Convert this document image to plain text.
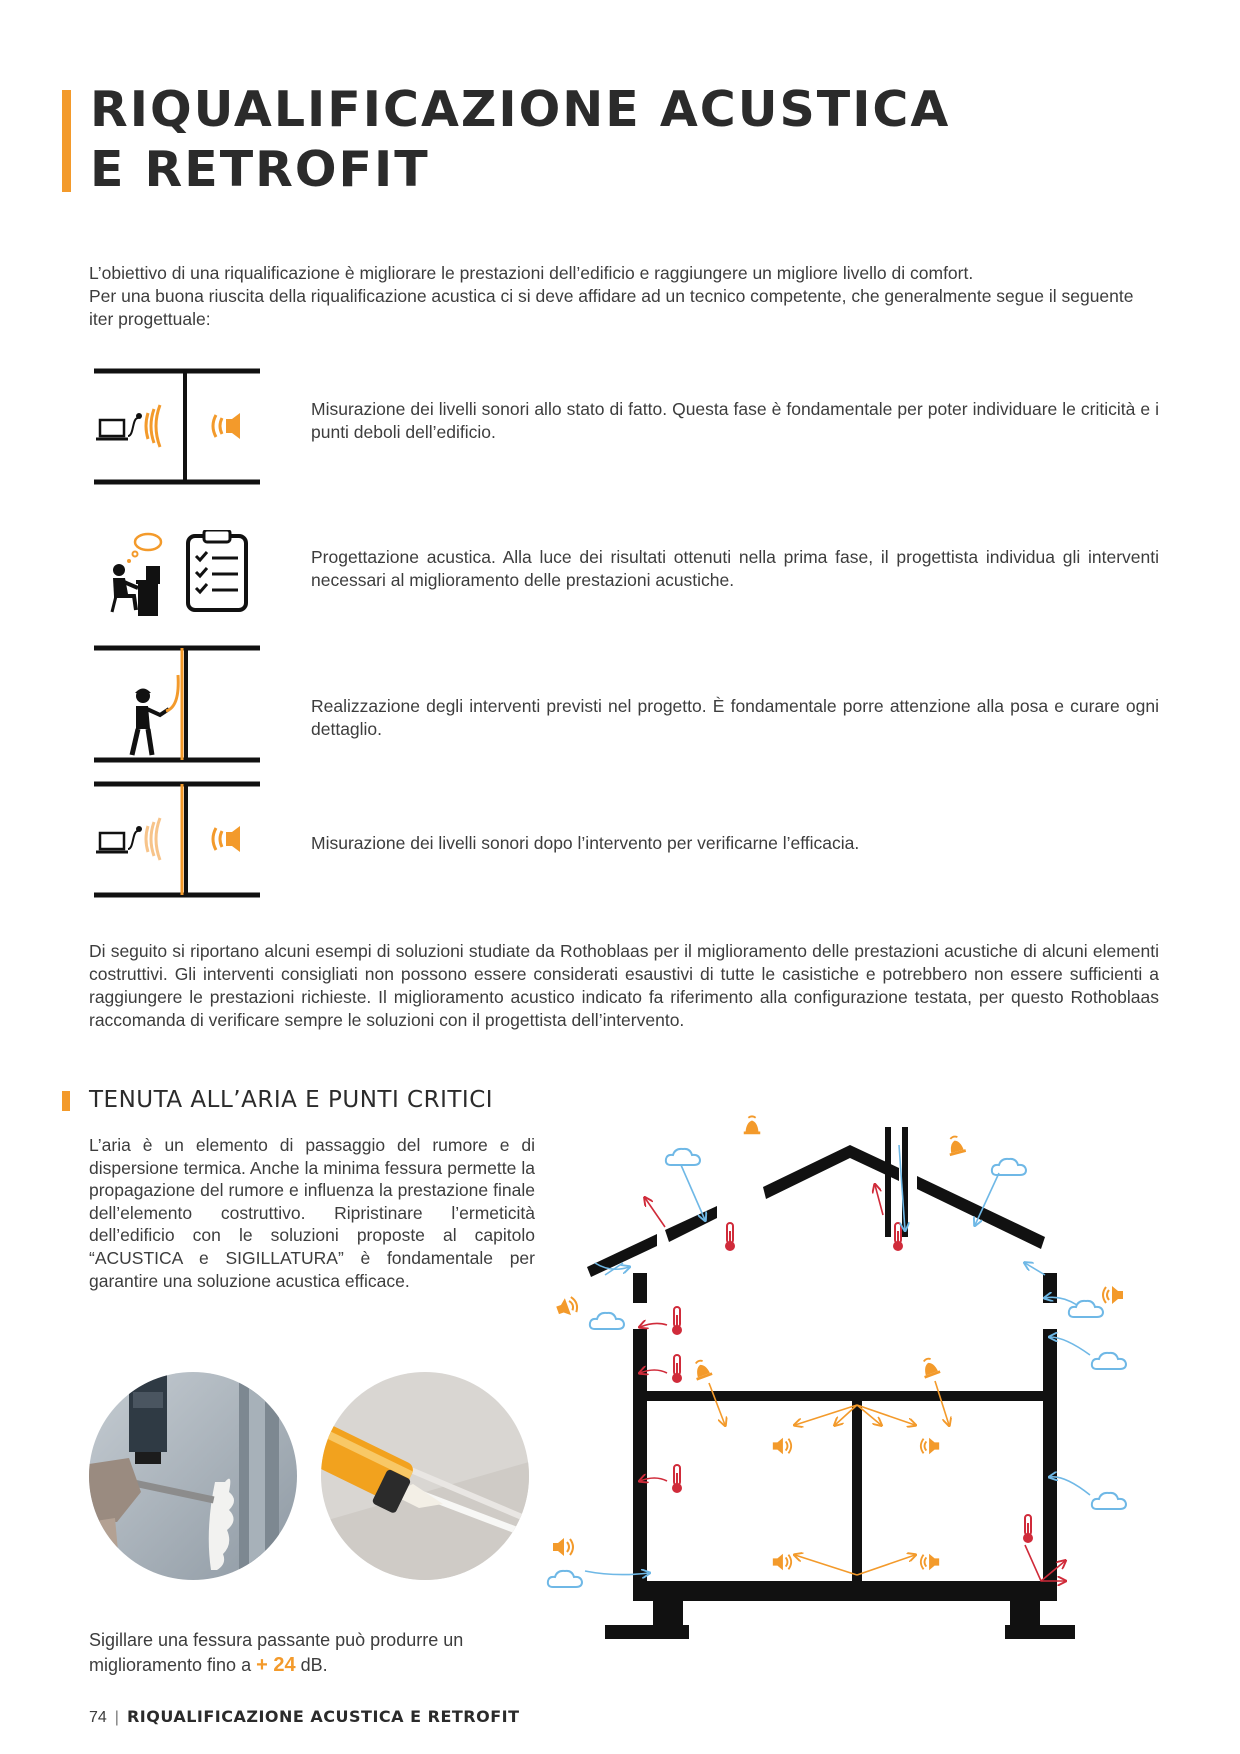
RIQUALIFICAZIONE ACUSTICA
E RETROFIT

L’obiettivo di una riqualificazione è migliorare le prestazioni dell’edificio e raggiungere un migliore livello di comfort.
Per una buona riuscita della riqualificazione acustica ci si deve affidare ad un tecnico competente, che generalmente segue il seguente iter progettuale:

Misurazione dei livelli sonori allo stato di fatto. Questa fase è fondamentale per poter individuare le criticità e i punti deboli dell’edificio.

Progettazione acustica. Alla luce dei risultati ottenuti nella prima fase, il progettista individua gli interventi necessari al miglioramento delle prestazioni acustiche.

Realizzazione degli interventi previsti nel progetto. È fondamentale porre attenzione alla posa e curare ogni dettaglio.

Misurazione dei livelli sonori dopo l’intervento per verificarne l’efficacia.

Di seguito si riportano alcuni esempi di soluzioni studiate da Rothoblaas per il miglioramento delle prestazioni acustiche di alcuni elementi costruttivi. Gli interventi consigliati non possono essere considerati esaustivi di tutte le casistiche e potrebbero non essere sufficienti a raggiungere le prestazioni richieste. Il miglioramento acustico indicato fa riferimento alla configurazione testata, per questo Rothoblaas raccomanda di verificare sempre le soluzioni con il progettista dell’intervento.

TENUTA ALL’ARIA E PUNTI CRITICI

L’aria è un elemento di passaggio del rumore e di dispersione termica. Anche la minima fessura permette la propagazione del rumore e influenza la prestazione finale dell’elemento costruttivo. Ripristinare l’ermeticità dell’edificio con le soluzioni proposte al capitolo “ACUSTICA e SIGILLATURA” è fondamentale per garantire una soluzione acustica efficace.

Sigillare una fessura passante può produrre un miglioramento fino a + 24 dB.

74 | RIQUALIFICAZIONE ACUSTICA E RETROFIT
